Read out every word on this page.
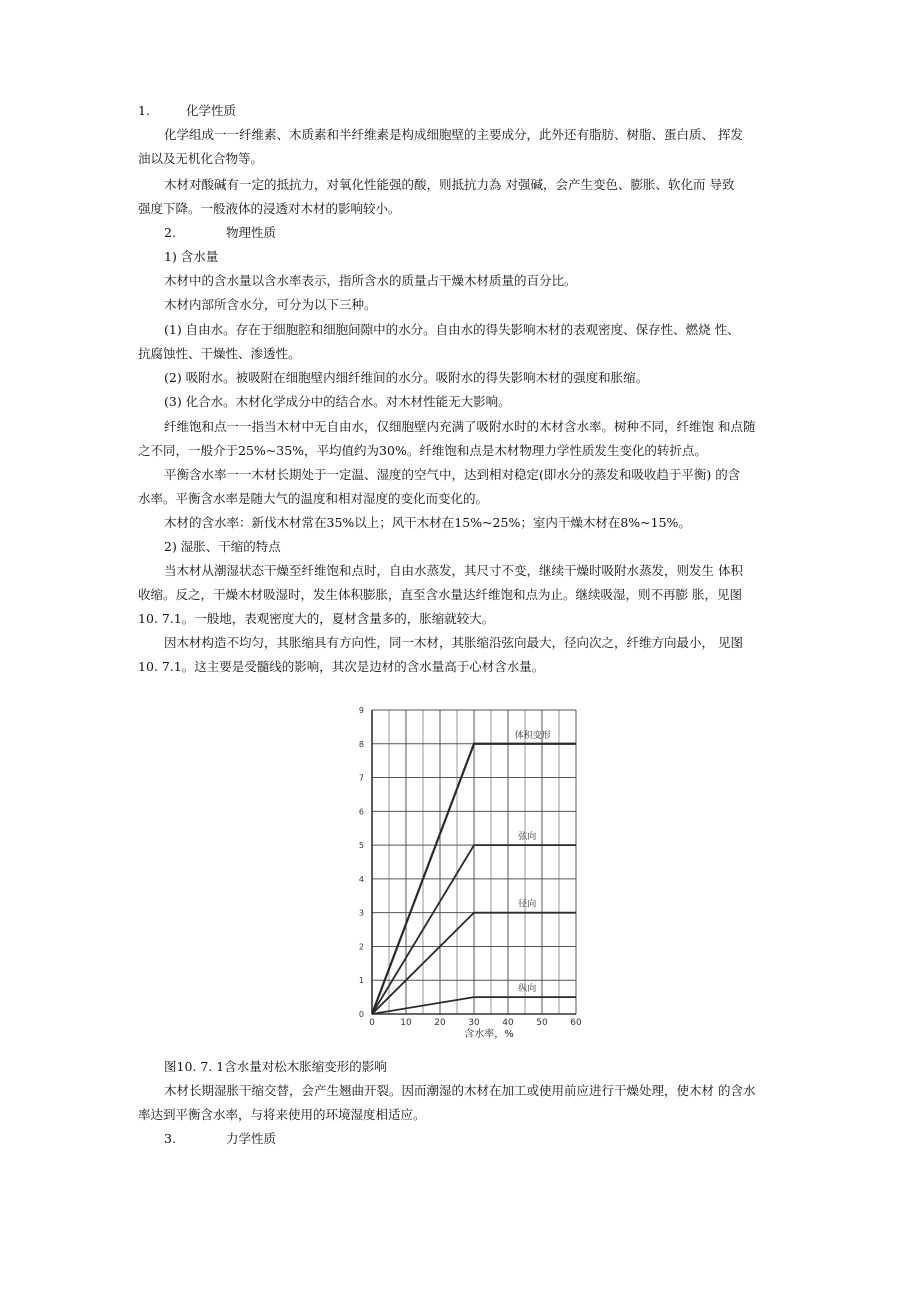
1.	化学性质
化学组成一一纤维素、木质素和半纤维素是构成细胞壁的主要成分，此外还有脂肪、树脂、蛋白质、 挥发
油以及无机化合物等。
木材对酸碱有一定的抵抗力，对氧化性能强的酸，则抵抗力為 对强碱，会产生变色、膨胀、软化而 导致
强度下降。一般液体的浸透对木材的影响较小。
2.	物理性质
1) 含水量
木材中的含水量以含水率表示，指所含水的质量占干燥木材质量的百分比。
木材内部所含水分，可分为以下三种。
(1) 自由水。存在于细胞腔和细胞间隙中的水分。自由水的得失影响木材的表观密度、保存性、燃烧 性、
抗腐蚀性、干燥性、渗透性。
(2) 吸附水。被吸附在细胞壁内细纤维间的水分。吸附水的得失影响木材的强度和胀缩。
(3) 化合水。木材化学成分中的结合水。对木材性能无大影响。
纤维饱和点一一指当木材中无自由水，仅细胞壁内充满了吸附水时的木材含水率。树种不同，纤维饱 和点随
之不同，一般介于25%~35%，平均值约为30%。纤维饱和点是木材物理力学性质发生变化的转折点。
平衡含水率一一木材长期处于一定温、湿度的空气中，达到相对稳定(即水分的蒸发和吸收趋于平衡) 的含
水率。平衡含水率是随大气的温度和相对湿度的变化而变化的。
木材的含水率：新伐木材常在35%以上；风干木材在15%~25%；室内干燥木材在8%~15%。
2) 湿胀、干缩的特点
当木材从潮湿状态干燥至纤维饱和点时，自由水蒸发，其尺寸不变，继续干燥时吸附水蒸发，则发生 体积
收缩。反之，干燥木材吸湿时，发生体积膨胀，直至含水量达纤维饱和点为止。继续吸湿，则不再膨 胀，见图
10. 7.1。一般地，表观密度大的，夏材含量多的，胀缩就较大。
因木材构造不均匀，其胀缩具有方向性，同一木材，其胀缩沿弦向最大，径向次之，纤维方向最小， 见图
10. 7.1。这主要是受髓线的影响，其次是边材的含水量高于心材含水量。
0
1
2
3
4
5
6
7
8
9
0	10	20	30	40	50	60
含水率，%
体积变形
弦向
径向
纵向
图10. 7. 1含水量对松木胀缩变形的影响
木材长期湿胀干缩交替，会产生翘曲开裂。因而潮湿的木材在加工或使用前应进行干燥处理，使木材 的含水
率达到平衡含水率，与将来使用的环境湿度相适应。
3.	力学性质
